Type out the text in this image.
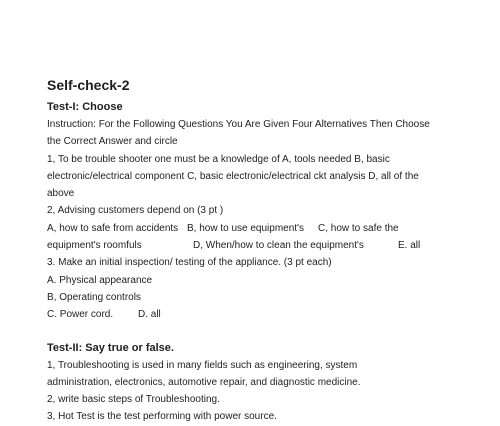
Self-check-2
Test-I: Choose
Instruction: For the Following Questions You Are Given Four Alternatives Then Choose
the Correct Answer and circle
1, To be trouble shooter one must be a knowledge of A, tools needed B, basic
electronic/electrical component C, basic electronic/electrical ckt analysis D, all of the
above
2, Advising customers depend on (3 pt )
A, how to safe from accidents B, how to use equipment's	C, how to safe the
equipment's roomfuls	D, When/how to clean the equipment's	E. all
3. Make an initial inspection/ testing of the appliance. (3 pt each)
A. Physical appearance
B, Operating controls
C. Power cord.	D. all
Test-II: Say true or false.
1, Troubleshooting is used in many fields such as engineering, system
administration, electronics, automotive repair, and diagnostic medicine.
2, write basic steps of Troubleshooting.
3, Hot Test is the test performing with power source.
